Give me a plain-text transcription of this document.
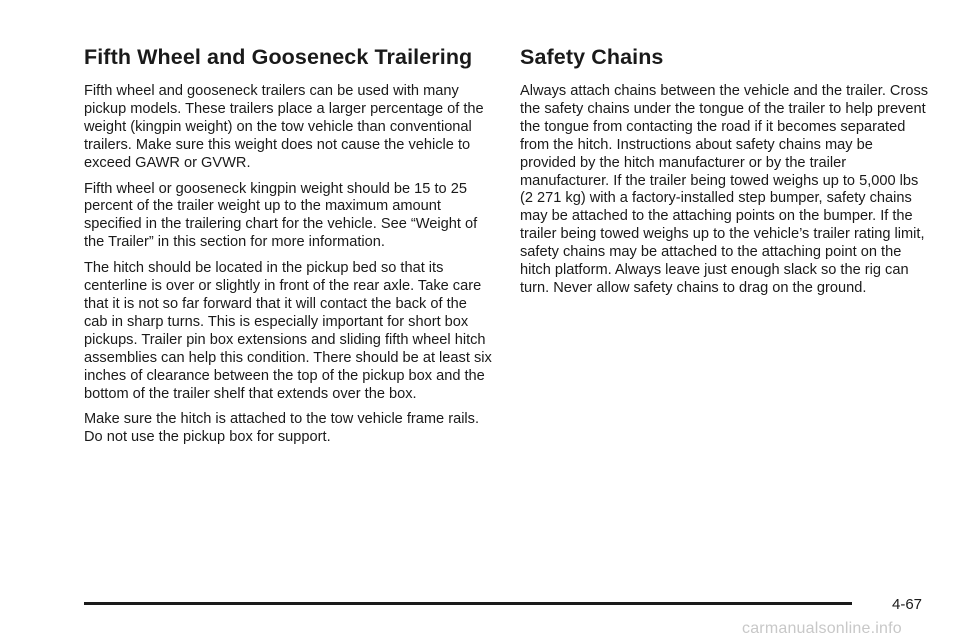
Fifth Wheel and Gooseneck Trailering

Fifth wheel and gooseneck trailers can be used with many pickup models. These trailers place a larger percentage of the weight (kingpin weight) on the tow vehicle than conventional trailers. Make sure this weight does not cause the vehicle to exceed GAWR or GVWR.

Fifth wheel or gooseneck kingpin weight should be 15 to 25 percent of the trailer weight up to the maximum amount specified in the trailering chart for the vehicle. See “Weight of the Trailer” in this section for more information.

The hitch should be located in the pickup bed so that its centerline is over or slightly in front of the rear axle. Take care that it is not so far forward that it will contact the back of the cab in sharp turns. This is especially important for short box pickups. Trailer pin box extensions and sliding fifth wheel hitch assemblies can help this condition. There should be at least six inches of clearance between the top of the pickup box and the bottom of the trailer shelf that extends over the box.

Make sure the hitch is attached to the tow vehicle frame rails. Do not use the pickup box for support.

Safety Chains

Always attach chains between the vehicle and the trailer. Cross the safety chains under the tongue of the trailer to help prevent the tongue from contacting the road if it becomes separated from the hitch. Instructions about safety chains may be provided by the hitch manufacturer or by the trailer manufacturer. If the trailer being towed weighs up to 5,000 lbs (2 271 kg) with a factory-installed step bumper, safety chains may be attached to the attaching points on the bumper. If the trailer being towed weighs up to the vehicle’s trailer rating limit, safety chains may be attached to the attaching point on the hitch platform. Always leave just enough slack so the rig can turn. Never allow safety chains to drag on the ground.

4-67
carmanualsonline.info
